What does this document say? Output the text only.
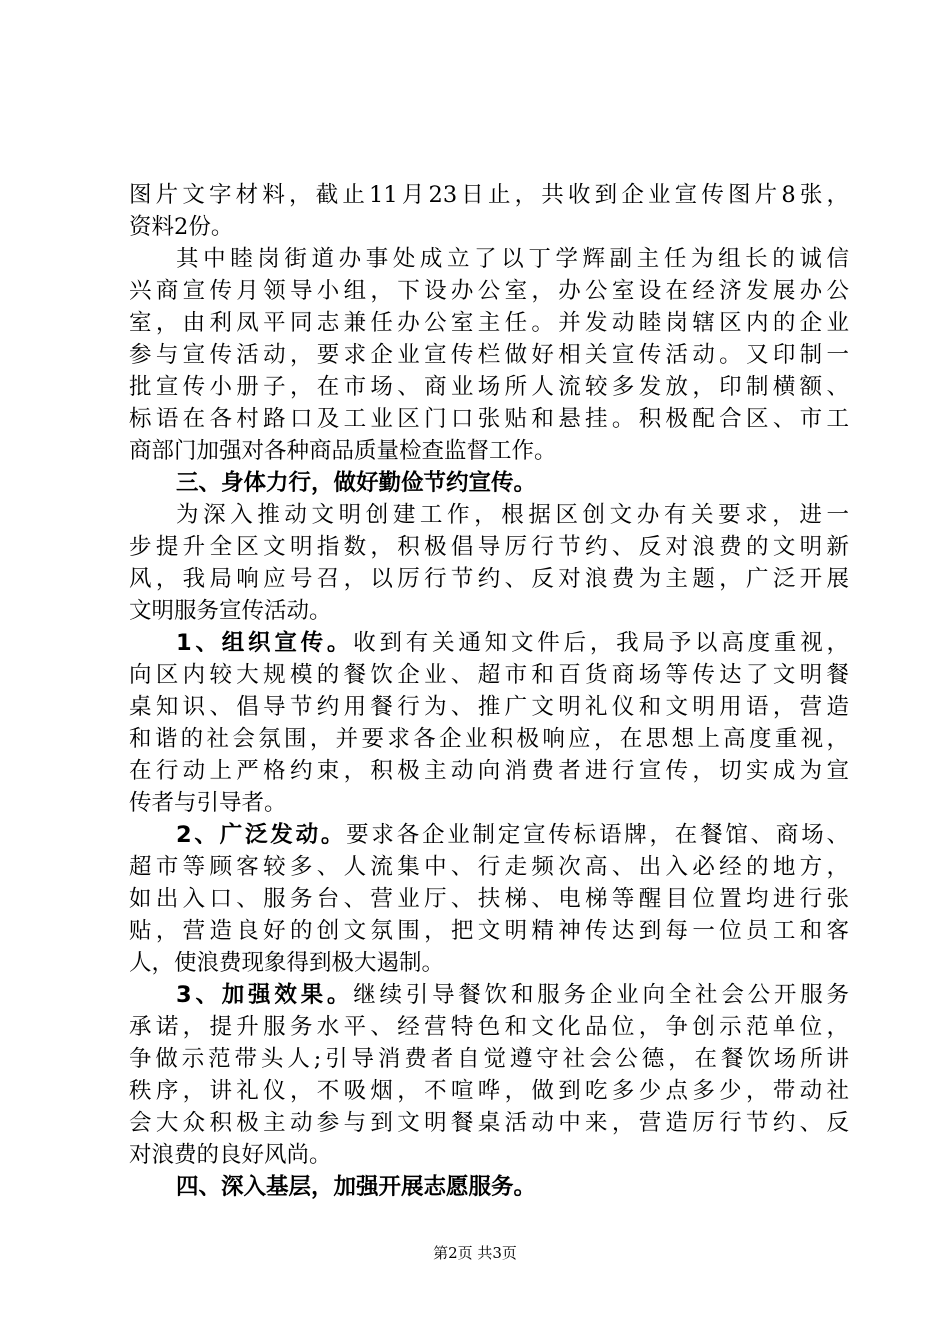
图片文字材料，截止11月23日止，共收到企业宣传图片8张，
资料2份。
其中睦岗街道办事处成立了以丁学辉副主任为组长的诚信
兴商宣传月领导小组，下设办公室，办公室设在经济发展办公
室，由利凤平同志兼任办公室主任。并发动睦岗辖区内的企业
参与宣传活动，要求企业宣传栏做好相关宣传活动。又印制一
批宣传小册子，在市场、商业场所人流较多发放，印制横额、
标语在各村路口及工业区门口张贴和悬挂。积极配合区、市工
商部门加强对各种商品质量检查监督工作。
三、身体力行，做好勤俭节约宣传。
为深入推动文明创建工作，根据区创文办有关要求，进一
步提升全区文明指数，积极倡导厉行节约、反对浪费的文明新
风，我局响应号召，以厉行节约、反对浪费为主题，广泛开展
文明服务宣传活动。
1、组织宣传。收到有关通知文件后，我局予以高度重视，
向区内较大规模的餐饮企业、超市和百货商场等传达了文明餐
桌知识、倡导节约用餐行为、推广文明礼仪和文明用语，营造
和谐的社会氛围，并要求各企业积极响应，在思想上高度重视，
在行动上严格约束，积极主动向消费者进行宣传，切实成为宣
传者与引导者。
2、广泛发动。要求各企业制定宣传标语牌，在餐馆、商场、
超市等顾客较多、人流集中、行走频次高、出入必经的地方，
如出入口、服务台、营业厅、扶梯、电梯等醒目位置均进行张
贴，营造良好的创文氛围，把文明精神传达到每一位员工和客
人，使浪费现象得到极大遏制。
3、加强效果。继续引导餐饮和服务企业向全社会公开服务
承诺，提升服务水平、经营特色和文化品位，争创示范单位，
争做示范带头人;引导消费者自觉遵守社会公德，在餐饮场所讲
秩序，讲礼仪，不吸烟，不喧哗，做到吃多少点多少，带动社
会大众积极主动参与到文明餐桌活动中来，营造厉行节约、反
对浪费的良好风尚。
四、深入基层，加强开展志愿服务。
第2页 共3页
